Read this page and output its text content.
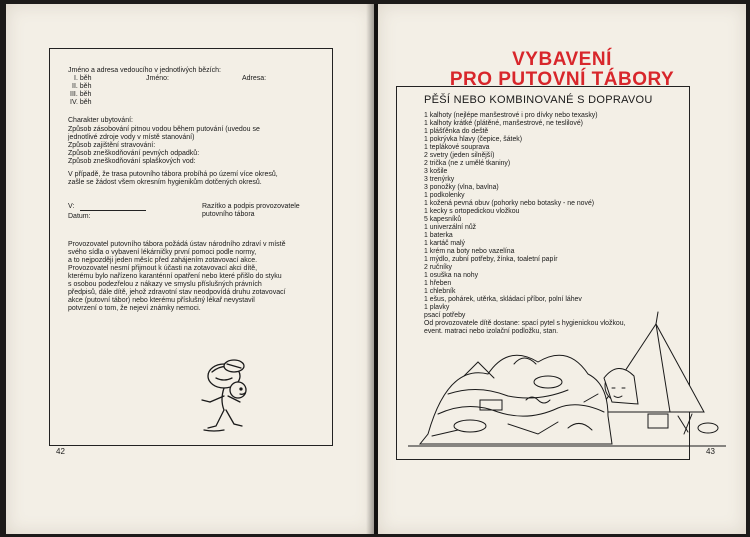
Jméno a adresa vedoucího v jednotlivých bězích:
I. běh	Jméno:	Adresa:
II. běh
III. běh
IV. běh
Charakter ubytování:
Způsob zásobování pitnou vodou během putování (uvedou se
jednotlivé zdroje vody v místě stanování)
Způsob zajištění stravování:
Způsob zneškodňování pevných odpadků:
Způsob zneškodňování splaškových vod:
V případě, že trasa putovního tábora probíhá po území více okresů,
zašle se žádost všem okresním hygienikům dotčených okresů.
V:
Datum:
Razítko a podpis provozovatele
putovního tábora
Provozovatel putovního tábora požádá ústav národního zdraví v místě
svého sídla o vybavení lékárničky první pomoci podle normy,
a to nejpozději jeden měsíc před zahájením zotavovací akce.
Provozovatel nesmí přijmout k účasti na zotavovací akci dítě,
kterému bylo nařízeno karanténní opatření nebo které přišlo do styku
s osobou podezřelou z nákazy ve smyslu příslušných právních
předpisů, dále dítě, jehož zdravotní stav neodpovídá druhu zotavovací
akce (putovní tábor) nebo kterému příslušný lékař nevystavil
potvrzení o tom, že nejeví známky nemoci.
42
VYBAVENÍ
PRO PUTOVNÍ TÁBORY
PĚŠÍ NEBO KOMBINOVANÉ S DOPRAVOU
1 kalhoty (nejlépe manšestrové i pro dívky nebo texasky)
1 kalhoty krátké (plátěné, manšestrové, ne teslilové)
1 plášťěnka do deště
1 pokrývka hlavy (čepice, šátek)
1 teplákové souprava
2 svetry (jeden silnější)
2 trička (ne z umělé tkaniny)
3 košile
3 trenýrky
3 ponožky (vlna, bavlna)
1 podkolenky
1 kožená pevná obuv (pohorky nebo botasky - ne nové)
1 kecky s ortopedickou vložkou
5 kapesníků
1 univerzální nůž
1 baterka
1 kartáč malý
1 krém na boty nebo vazelína
1 mýdlo, zubní potřeby, žínka, toaletní papír
2 ručníky
1 osuška na nohy
1 hřeben
1 chlebník
1 ešus, pohárek, utěrka, skládací příbor, polní láhev
1 plavky
psací potřeby
Od provozovatele dítě dostane: spací pytel s hygienickou vložkou,
event. matraci nebo izolační podložku, stan.
43
